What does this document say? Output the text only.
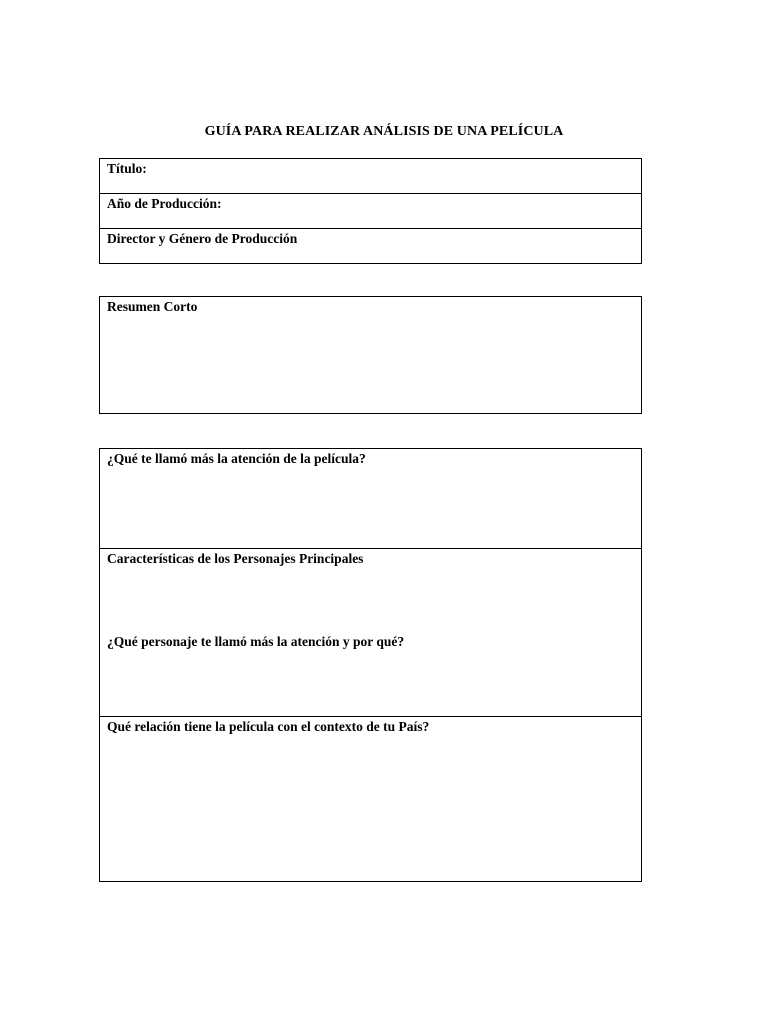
GUÍA PARA REALIZAR ANÁLISIS DE UNA PELÍCULA
Título:
Año de Producción:
Director y Género de Producción
Resumen Corto
¿Qué te llamó más la atención de la película?
Características de los Personajes Principales
¿Qué personaje te llamó más la atención y por qué?
Qué relación tiene la película con el contexto de tu País?
